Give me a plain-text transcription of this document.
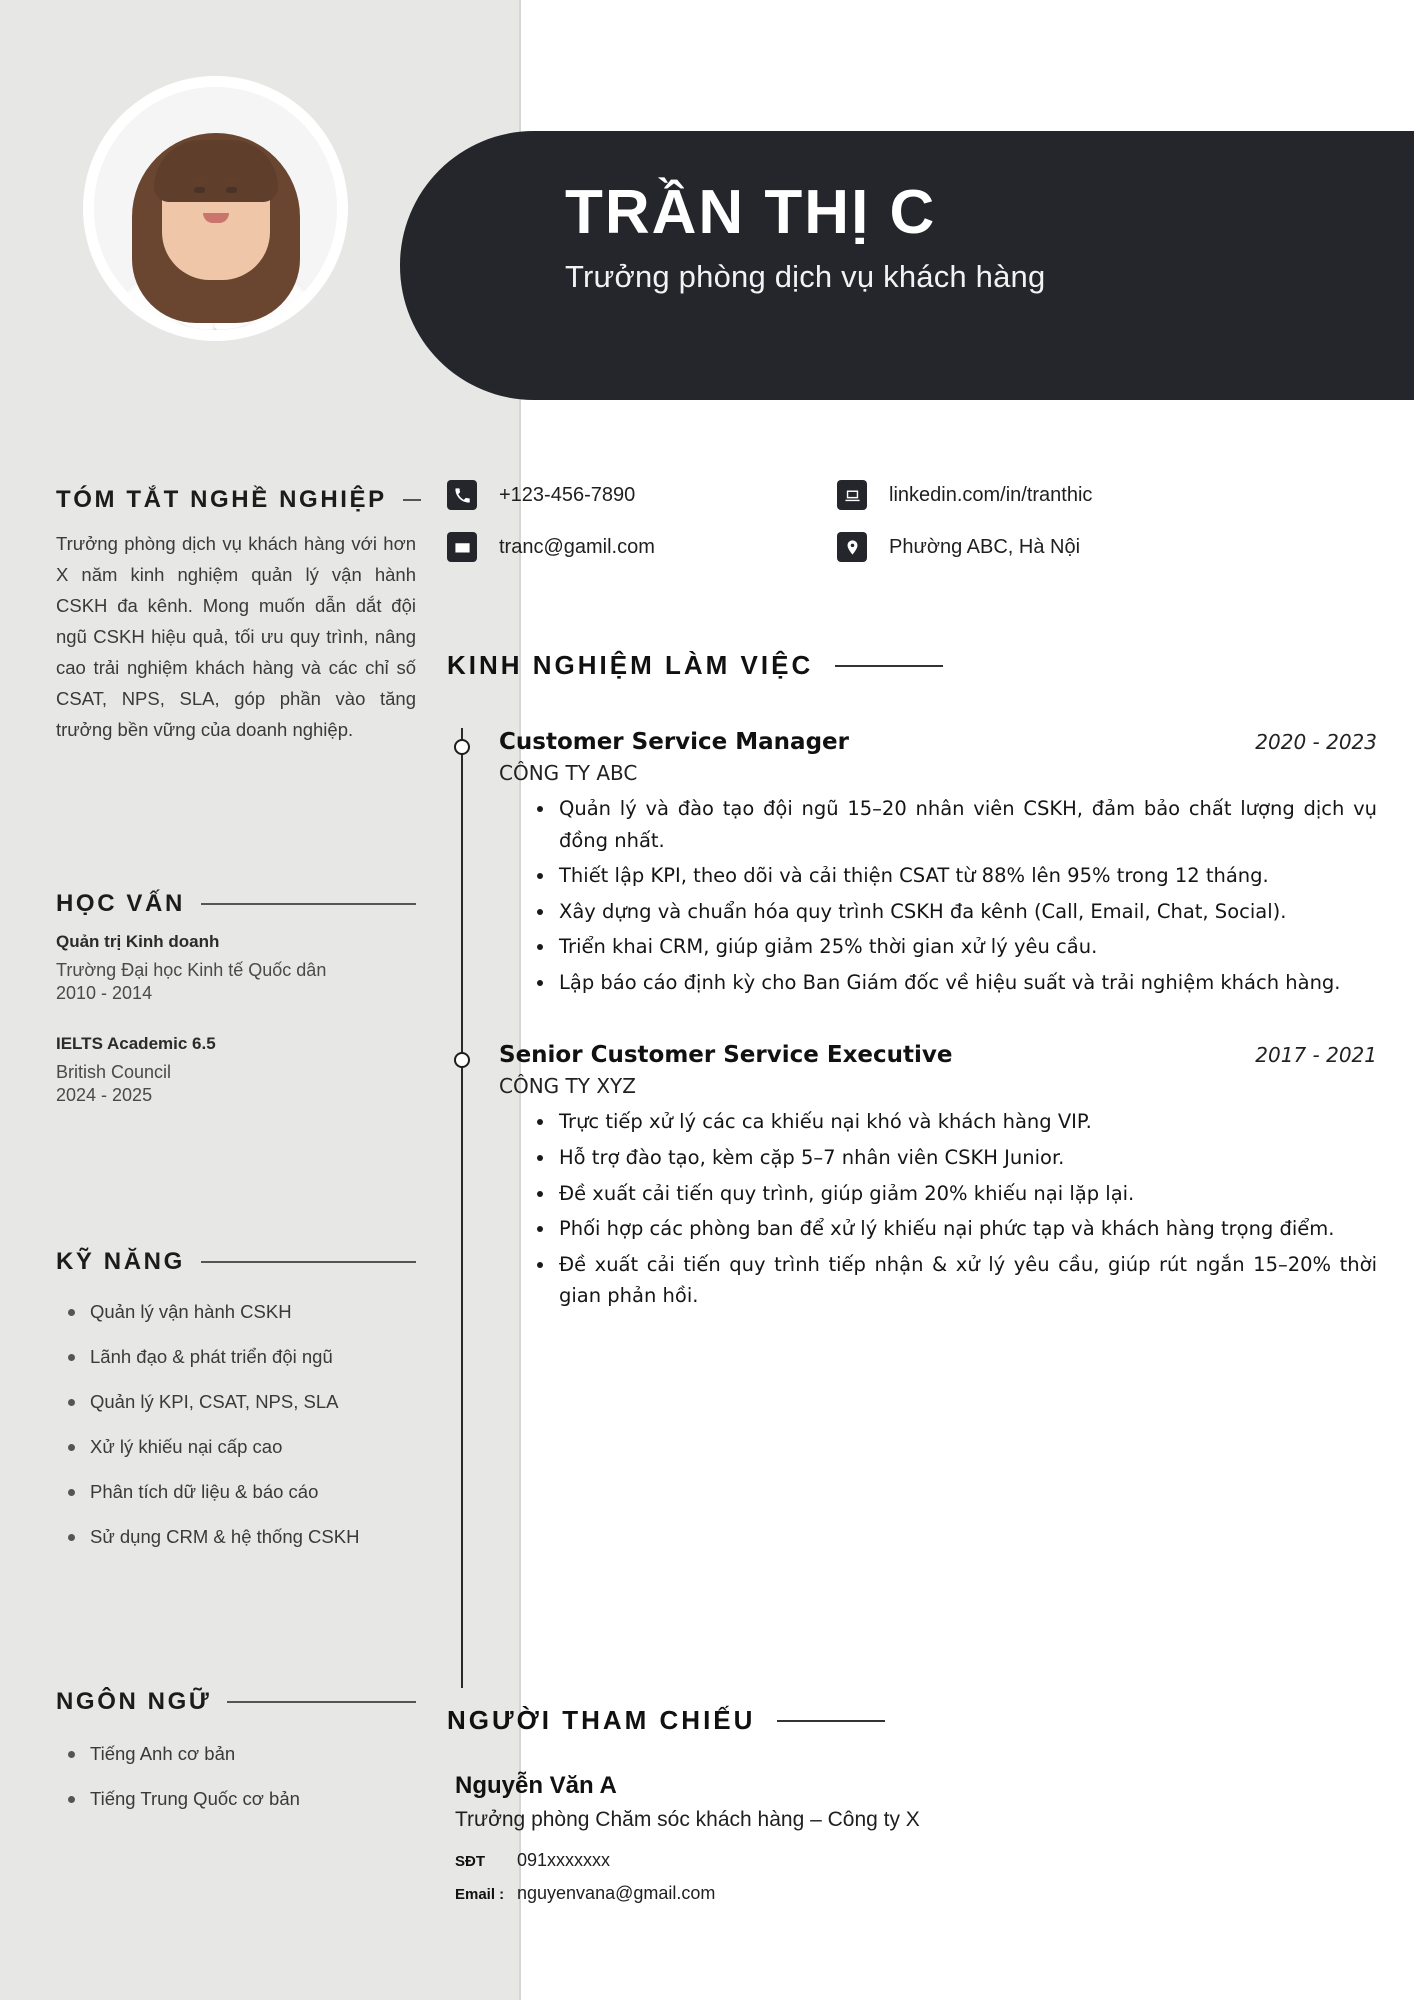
TRẦN THỊ C
Trưởng phòng dịch vụ khách hàng
+123-456-7890	linkedin.com/in/tranthic
tranc@gamil.com	Phường ABC, Hà Nội
TÓM TẮT NGHỀ NGHIỆP
Trưởng phòng dịch vụ khách hàng với hơn X năm kinh nghiệm quản lý vận hành CSKH đa kênh. Mong muốn dẫn dắt đội ngũ CSKH hiệu quả, tối ưu quy trình, nâng cao trải nghiệm khách hàng và các chỉ số CSAT, NPS, SLA, góp phần vào tăng trưởng bền vững của doanh nghiệp.
HỌC VẤN
Quản trị Kinh doanh
Trường Đại học Kinh tế Quốc dân
2010 - 2014
IELTS Academic 6.5
British Council
2024 - 2025
KỸ NĂNG
Quản lý vận hành CSKH
Lãnh đạo & phát triển đội ngũ
Quản lý KPI, CSAT, NPS, SLA
Xử lý khiếu nại cấp cao
Phân tích dữ liệu & báo cáo
Sử dụng CRM & hệ thống CSKH
NGÔN NGỮ
Tiếng Anh cơ bản
Tiếng Trung Quốc cơ bản
KINH NGHIỆM LÀM VIỆC
Customer Service Manager	2020 - 2023
CÔNG TY ABC
Quản lý và đào tạo đội ngũ 15–20 nhân viên CSKH, đảm bảo chất lượng dịch vụ đồng nhất.
Thiết lập KPI, theo dõi và cải thiện CSAT từ 88% lên 95% trong 12 tháng.
Xây dựng và chuẩn hóa quy trình CSKH đa kênh (Call, Email, Chat, Social).
Triển khai CRM, giúp giảm 25% thời gian xử lý yêu cầu.
Lập báo cáo định kỳ cho Ban Giám đốc về hiệu suất và trải nghiệm khách hàng.
Senior Customer Service Executive	2017 - 2021
CÔNG TY XYZ
Trực tiếp xử lý các ca khiếu nại khó và khách hàng VIP.
Hỗ trợ đào tạo, kèm cặp 5–7 nhân viên CSKH Junior.
Đề xuất cải tiến quy trình, giúp giảm 20% khiếu nại lặp lại.
Phối hợp các phòng ban để xử lý khiếu nại phức tạp và khách hàng trọng điểm.
Đề xuất cải tiến quy trình tiếp nhận & xử lý yêu cầu, giúp rút ngắn 15–20% thời gian phản hồi.
NGƯỜI THAM CHIẾU
Nguyễn Văn A
Trưởng phòng Chăm sóc khách hàng – Công ty X
SĐT	091xxxxxxx
Email : nguyenvana@gmail.com
